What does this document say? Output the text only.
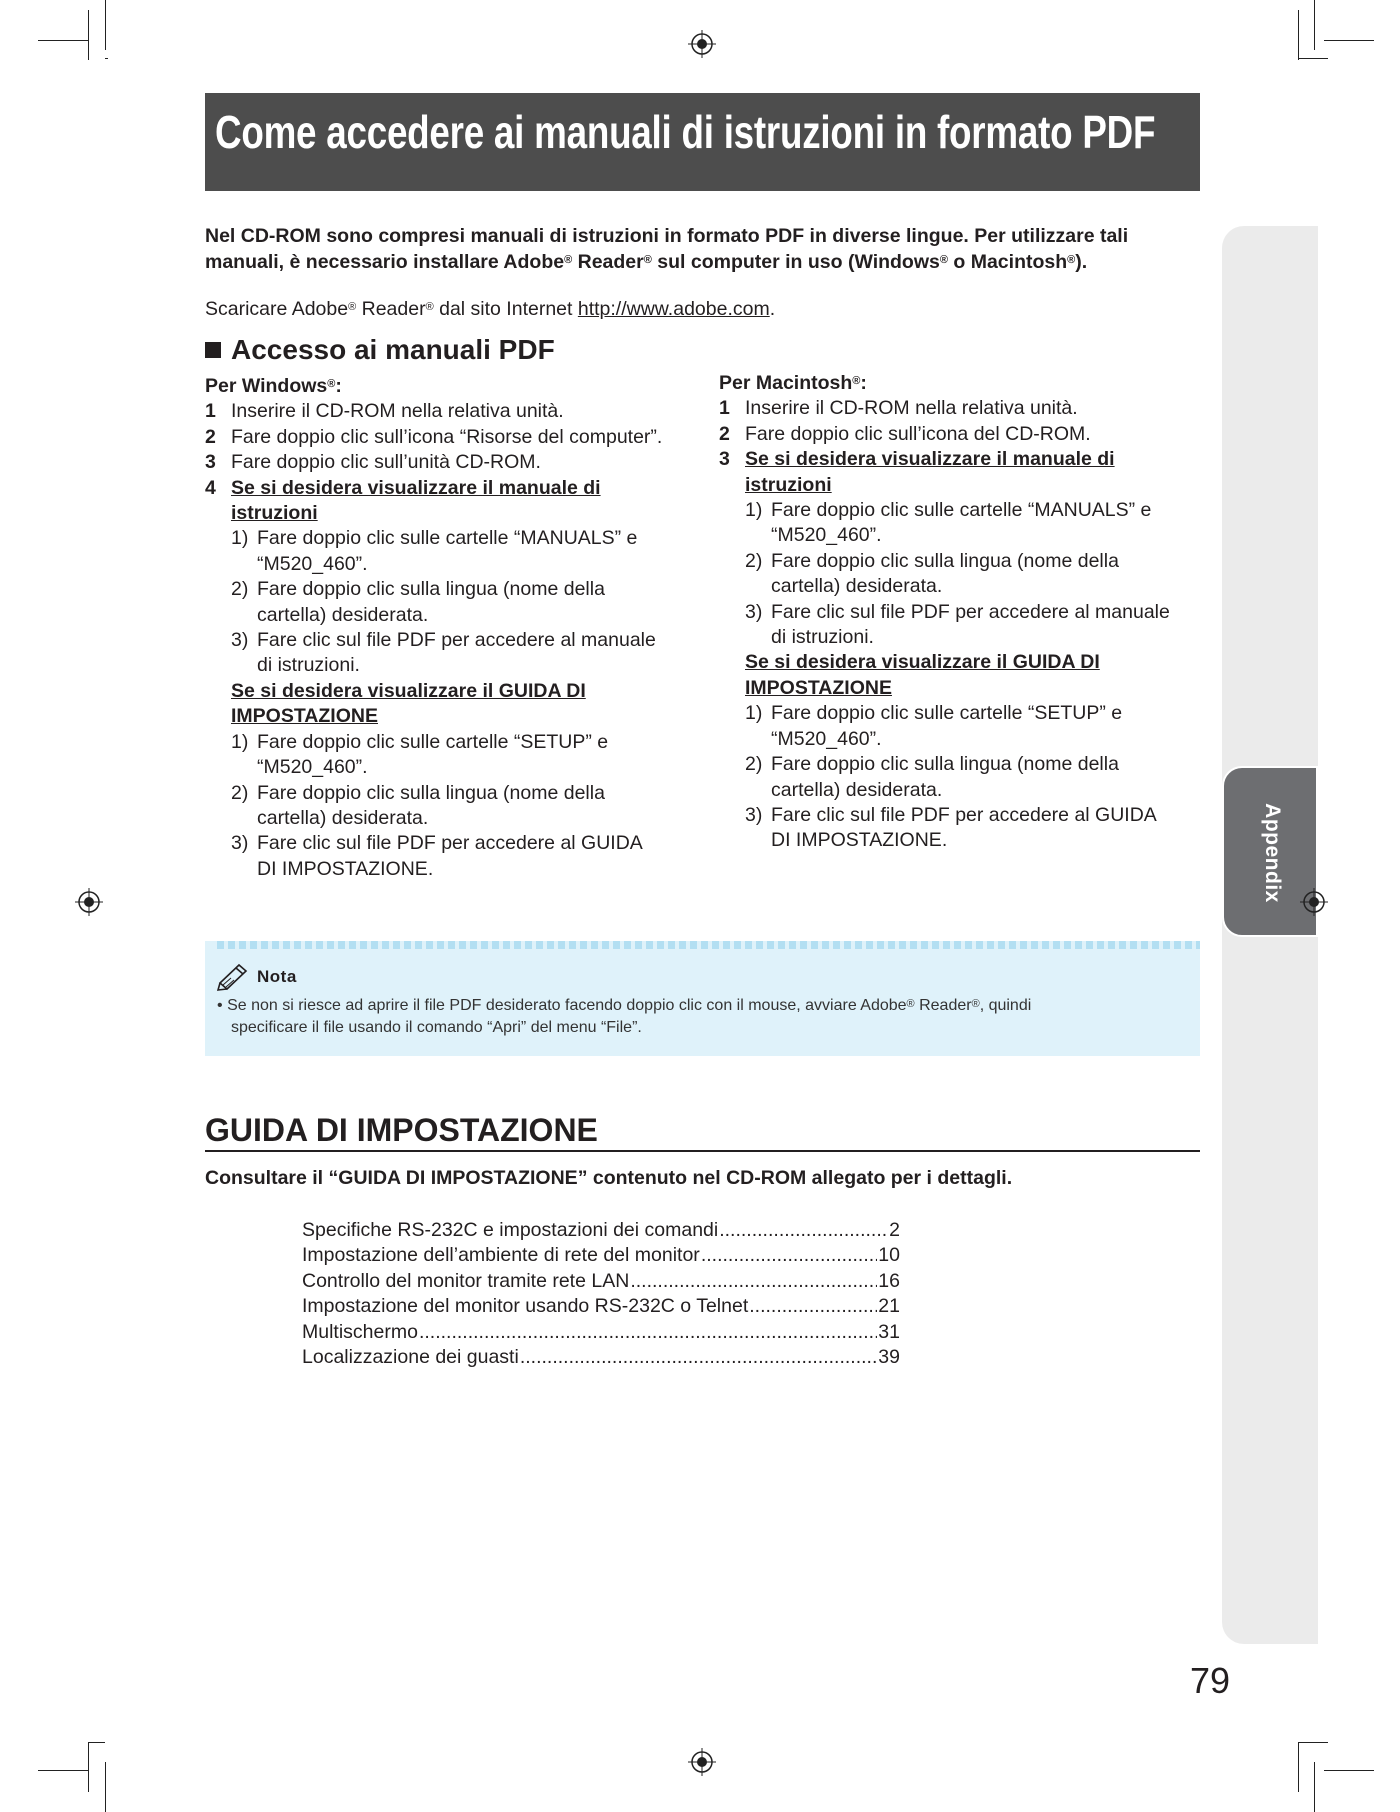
Appendix
Come accedere ai manuali di istruzioni in formato PDF
Nel CD-ROM sono compresi manuali di istruzioni in formato PDF in diverse lingue. Per utilizzare tali
manuali, è necessario installare Adobe® Reader® sul computer in uso (Windows® o Macintosh®).
Scaricare Adobe® Reader® dal sito Internet http://www.adobe.com.
Accesso ai manuali PDF
Per Windows®:
1 Inserire il CD-ROM nella relativa unità.
2 Fare doppio clic sull’icona “Risorse del computer”.
3 Fare doppio clic sull’unità CD-ROM.
4 Se si desidera visualizzare il manuale di
istruzioni
1) Fare doppio clic sulle cartelle “MANUALS” e
“M520_460”.
2) Fare doppio clic sulla lingua (nome della
cartella) desiderata.
3) Fare clic sul file PDF per accedere al manuale
di istruzioni.
Se si desidera visualizzare il GUIDA DI
IMPOSTAZIONE
1) Fare doppio clic sulle cartelle “SETUP” e
“M520_460”.
2) Fare doppio clic sulla lingua (nome della
cartella) desiderata.
3) Fare clic sul file PDF per accedere al GUIDA
DI IMPOSTAZIONE.
Per Macintosh®:
1 Inserire il CD-ROM nella relativa unità.
2 Fare doppio clic sull’icona del CD-ROM.
3 Se si desidera visualizzare il manuale di
istruzioni
1) Fare doppio clic sulle cartelle “MANUALS” e
“M520_460”.
2) Fare doppio clic sulla lingua (nome della
cartella) desiderata.
3) Fare clic sul file PDF per accedere al manuale
di istruzioni.
Se si desidera visualizzare il GUIDA DI
IMPOSTAZIONE
1) Fare doppio clic sulle cartelle “SETUP” e
“M520_460”.
2) Fare doppio clic sulla lingua (nome della
cartella) desiderata.
3) Fare clic sul file PDF per accedere al GUIDA
DI IMPOSTAZIONE.
Nota
• Se non si riesce ad aprire il file PDF desiderato facendo doppio clic con il mouse, avviare Adobe® Reader®, quindi
specificare il file usando il comando “Apri” del menu “File”.
GUIDA DI IMPOSTAZIONE
Consultare il “GUIDA DI IMPOSTAZIONE” contenuto nel CD-ROM allegato per i dettagli.
Specifiche RS-232C e impostazioni dei comandi .....	2
Impostazione dell’ambiente di rete del monitor .....	10
Controllo del monitor tramite rete LAN .....	16
Impostazione del monitor usando RS-232C o Telnet .....	21
Multischermo .....	31
Localizzazione dei guasti .....	39
79
